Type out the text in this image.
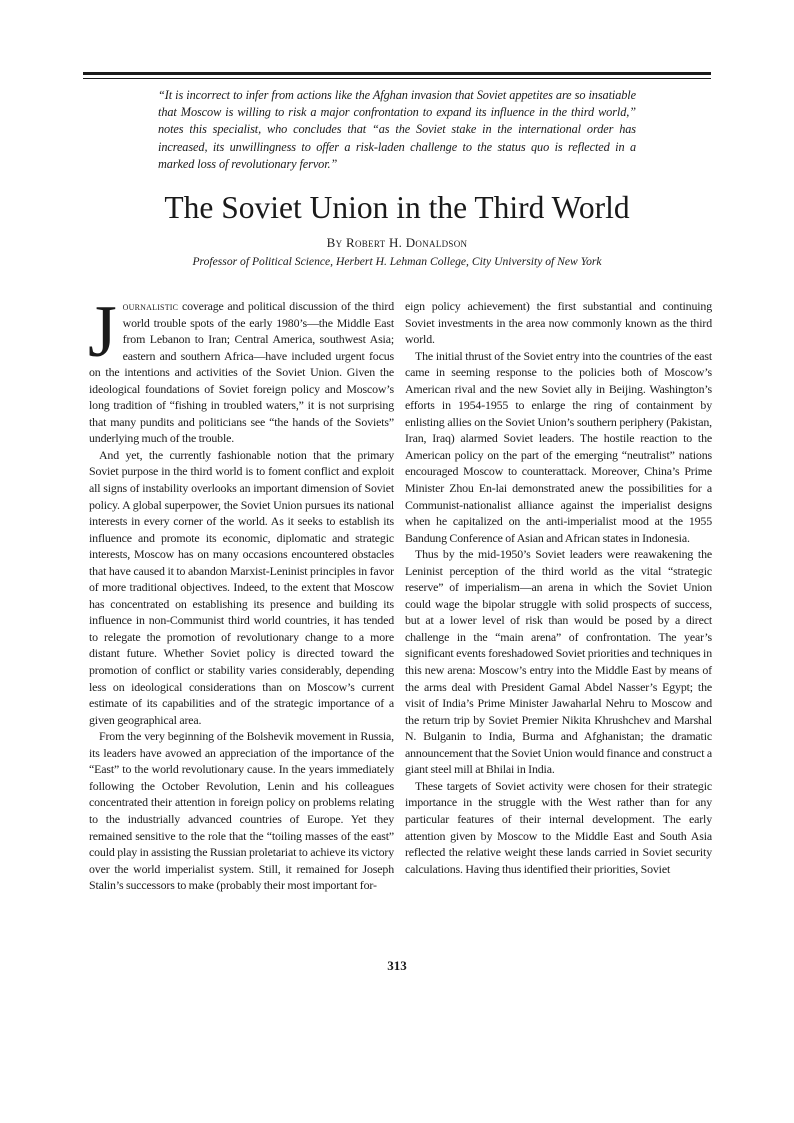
“It is incorrect to infer from actions like the Afghan invasion that Soviet appetites are so insatiable that Moscow is willing to risk a major confrontation to expand its influence in the third world,” notes this specialist, who concludes that “as the Soviet stake in the international order has increased, its unwillingness to offer a risk-laden challenge to the status quo is reflected in a marked loss of revolutionary fervor.”
The Soviet Union in the Third World
By Robert H. Donaldson
Professor of Political Science, Herbert H. Lehman College, City University of New York

Journalistic coverage and political discussion of the third world trouble spots of the early 1980’s—the Middle East from Lebanon to Iran; Central America, southwest Asia; eastern and southern Africa—have included urgent focus on the intentions and activities of the Soviet Union. Given the ideological foundations of Soviet foreign policy and Moscow’s long tradition of “fishing in troubled waters,” it is not surprising that many pundits and politicians see “the hands of the Soviets” underlying much of the trouble.

And yet, the currently fashionable notion that the primary Soviet purpose in the third world is to foment conflict and exploit all signs of instability overlooks an important dimension of Soviet policy. A global superpower, the Soviet Union pursues its national interests in every corner of the world. As it seeks to establish its influence and promote its economic, diplomatic and strategic interests, Moscow has on many occasions encountered obstacles that have caused it to abandon Marxist-Leninist principles in favor of more traditional objectives. Indeed, to the extent that Moscow has concentrated on establishing its presence and building its influence in non-Communist third world countries, it has tended to relegate the promotion of revolutionary change to a more distant future. Whether Soviet policy is directed toward the promotion of conflict or stability varies considerably, depending less on ideological considerations than on Moscow’s current estimate of its capabilities and of the strategic importance of a given geographical area.

From the very beginning of the Bolshevik movement in Russia, its leaders have avowed an appreciation of the importance of the “East” to the world revolutionary cause. In the years immediately following the October Revolution, Lenin and his colleagues concentrated their attention in foreign policy on problems relating to the industrially advanced countries of Europe. Yet they remained sensitive to the role that the “toiling masses of the east” could play in assisting the Russian proletariat to achieve its victory over the world imperialist system. Still, it remained for Joseph Stalin’s successors to make (probably their most important for-

eign policy achievement) the first substantial and continuing Soviet investments in the area now commonly known as the third world.

The initial thrust of the Soviet entry into the countries of the east came in seeming response to the policies both of Moscow’s American rival and the new Soviet ally in Beijing. Washington’s efforts in 1954-1955 to enlarge the ring of containment by enlisting allies on the Soviet Union’s southern periphery (Pakistan, Iran, Iraq) alarmed Soviet leaders. The hostile reaction to the American policy on the part of the emerging “neutralist” nations encouraged Moscow to counterattack. Moreover, China’s Prime Minister Zhou En-lai demonstrated anew the possibilities for a Communist-nationalist alliance against the imperialist designs when he capitalized on the anti-imperialist mood at the 1955 Bandung Conference of Asian and African states in Indonesia.

Thus by the mid-1950’s Soviet leaders were reawakening the Leninist perception of the third world as the vital “strategic reserve” of imperialism—an arena in which the Soviet Union could wage the bipolar struggle with solid prospects of success, but at a lower level of risk than would be posed by a direct challenge in the “main arena” of confrontation. The year’s significant events foreshadowed Soviet priorities and techniques in this new arena: Moscow’s entry into the Middle East by means of the arms deal with President Gamal Abdel Nasser’s Egypt; the visit of India’s Prime Minister Jawaharlal Nehru to Moscow and the return trip by Soviet Premier Nikita Khrushchev and Marshal N. Bulganin to India, Burma and Afghanistan; the dramatic announcement that the Soviet Union would finance and construct a giant steel mill at Bhilai in India.

These targets of Soviet activity were chosen for their strategic importance in the struggle with the West rather than for any particular features of their internal development. The early attention given by Moscow to the Middle East and South Asia reflected the relative weight these lands carried in Soviet security calculations. Having thus identified their priorities, Soviet

313
